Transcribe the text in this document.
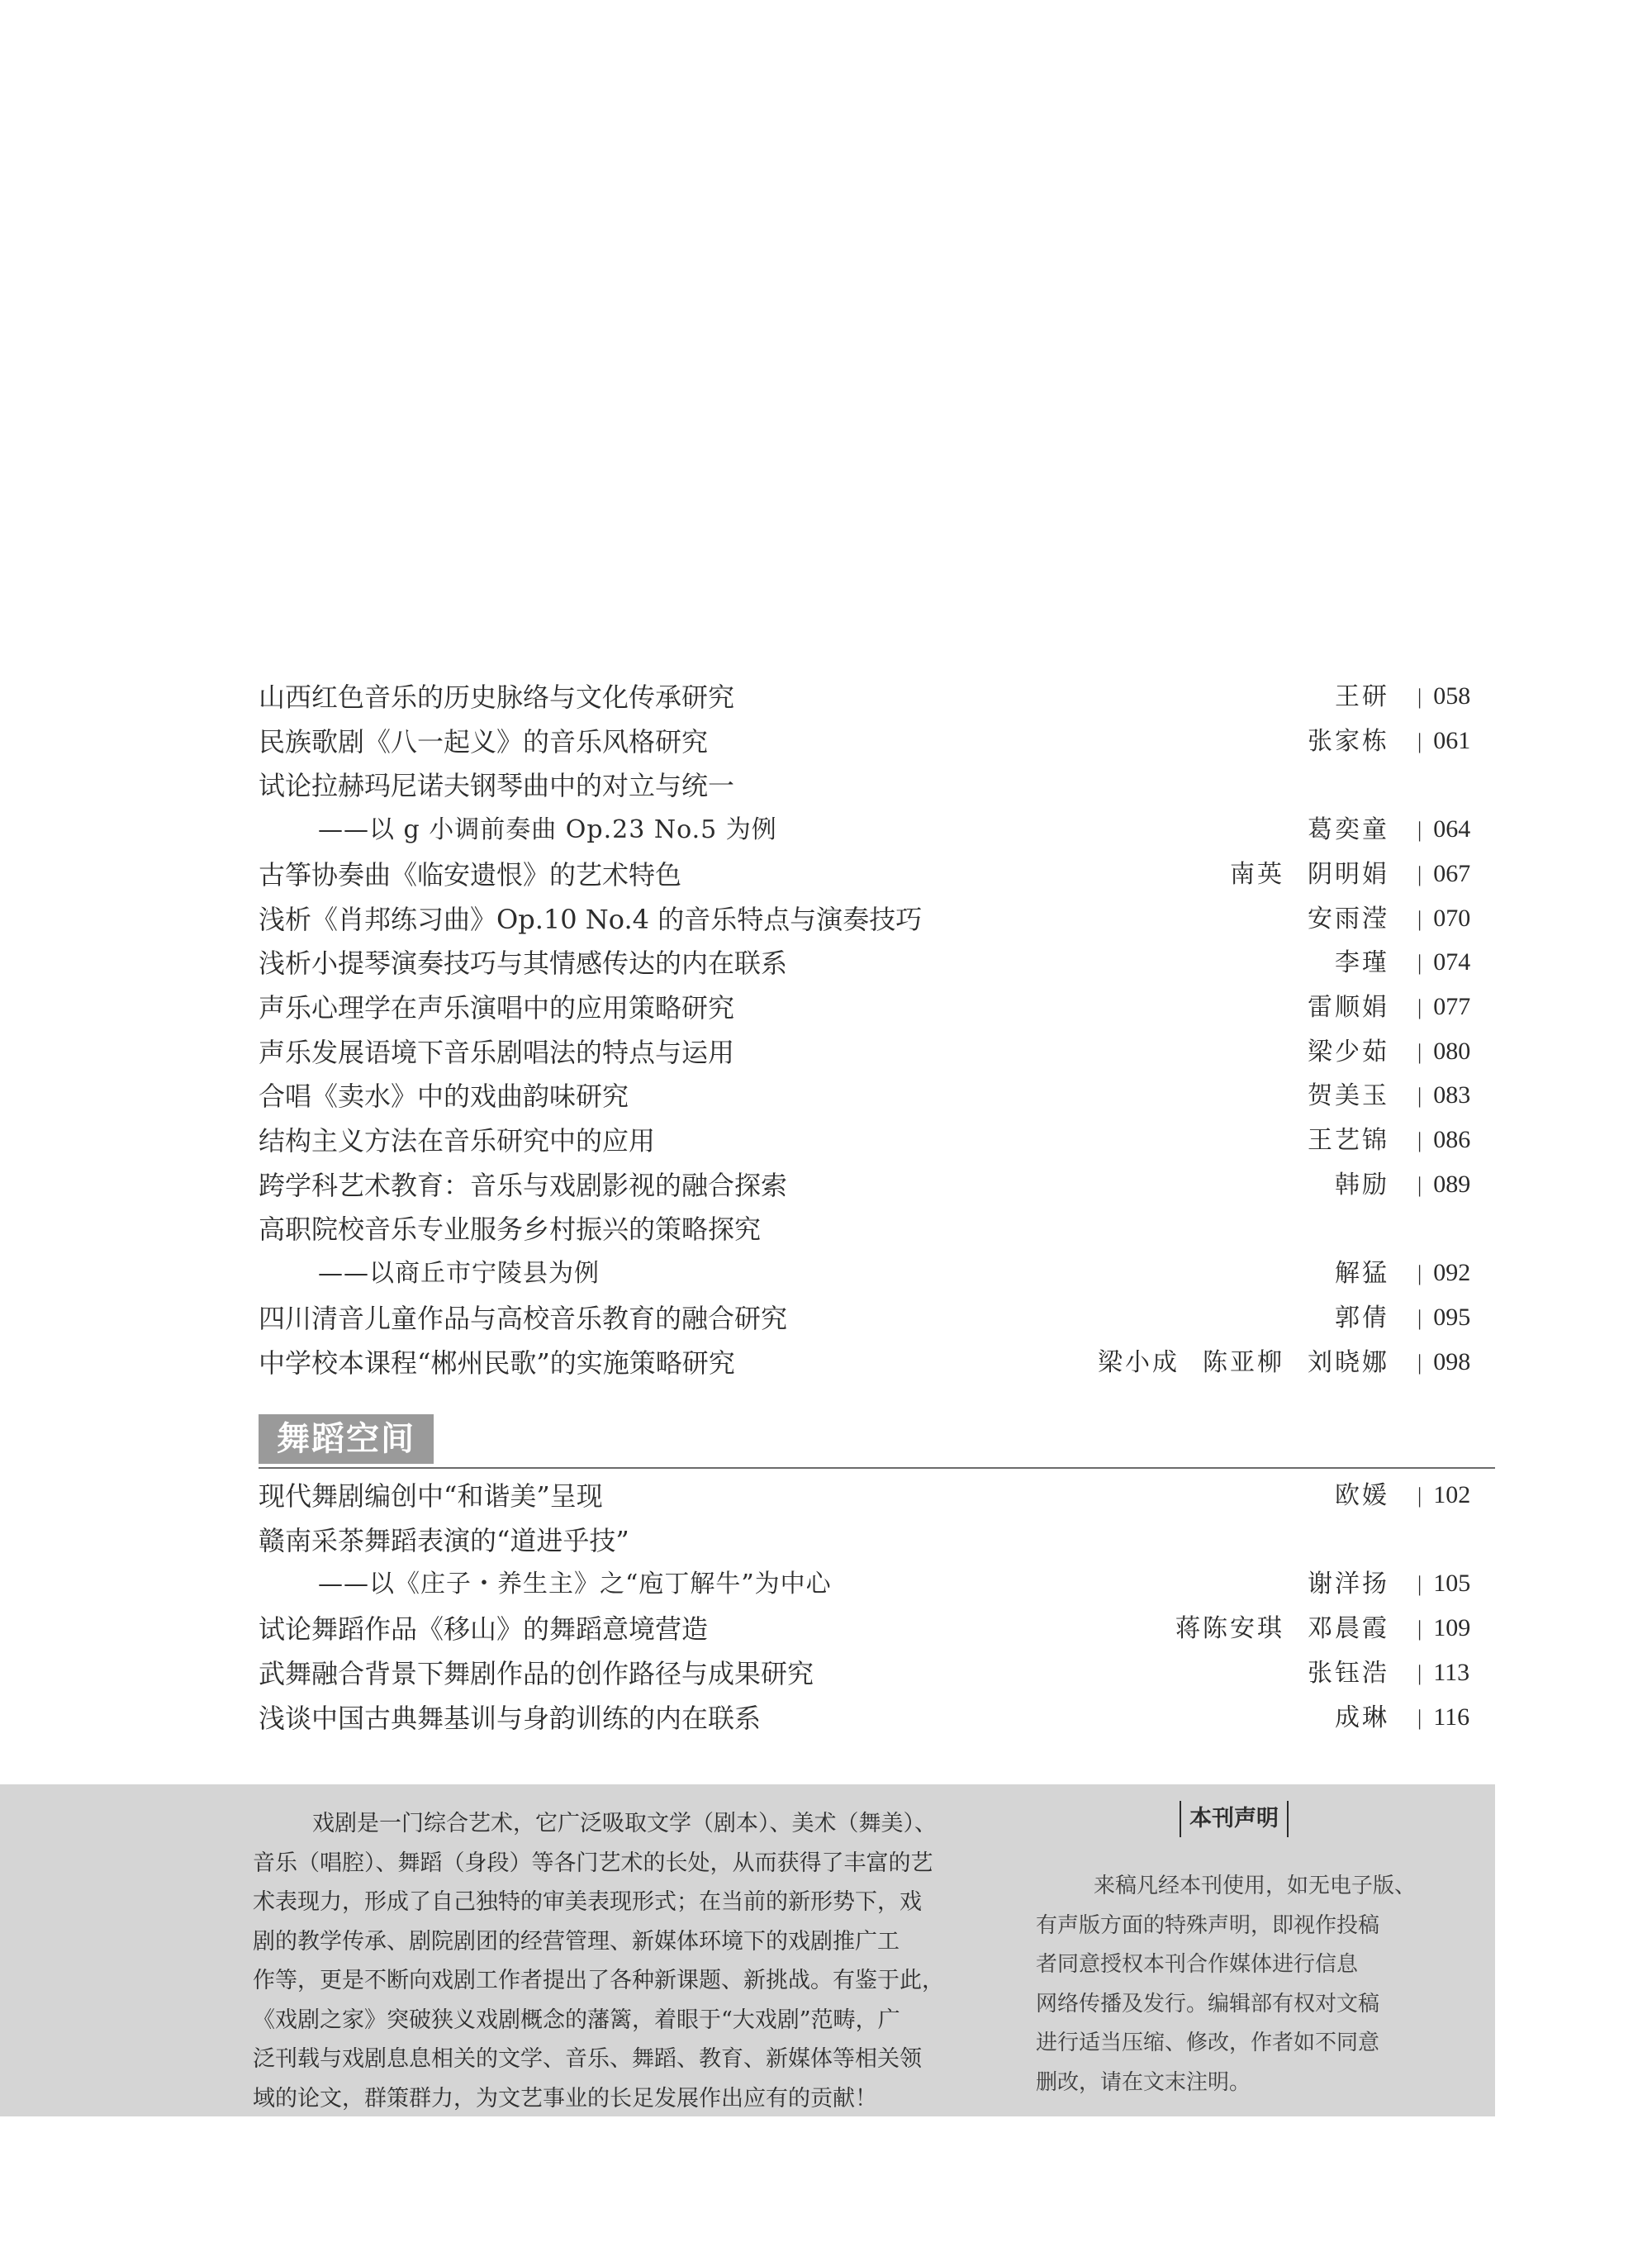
山西红色音乐的历史脉络与文化传承研究	王研	| 058
民族歌剧《八一起义》的音乐风格研究	张家栋	| 061
试论拉赫玛尼诺夫钢琴曲中的对立与统一
——以 g 小调前奏曲 Op.23 No.5 为例	葛奕童	| 064
古筝协奏曲《临安遗恨》的艺术特色	南英 阴明娟	| 067
浅析《肖邦练习曲》Op.10 No.4 的音乐特点与演奏技巧	安雨滢	| 070
浅析小提琴演奏技巧与其情感传达的内在联系	李瑾	| 074
声乐心理学在声乐演唱中的应用策略研究	雷顺娟	| 077
声乐发展语境下音乐剧唱法的特点与运用	梁少茹	| 080
合唱《卖水》中的戏曲韵味研究	贺美玉	| 083
结构主义方法在音乐研究中的应用	王艺锦	| 086
跨学科艺术教育：音乐与戏剧影视的融合探索	韩励	| 089
高职院校音乐专业服务乡村振兴的策略探究
——以商丘市宁陵县为例	解猛	| 092
四川清音儿童作品与高校音乐教育的融合研究	郭倩	| 095
中学校本课程“郴州民歌”的实施策略研究	梁小成 陈亚柳 刘晓娜	| 098
舞蹈空间
现代舞剧编创中“和谐美”呈现	欧媛	| 102
赣南采茶舞蹈表演的“道进乎技”
——以《庄子・养生主》之“庖丁解牛”为中心	谢洋扬	| 105
试论舞蹈作品《移山》的舞蹈意境营造	蒋陈安琪 邓晨霞	| 109
武舞融合背景下舞剧作品的创作路径与成果研究	张钰浩	| 113
浅谈中国古典舞基训与身韵训练的内在联系	成琳	| 116
戏剧是一门综合艺术，它广泛吸取文学（剧本）、美术（舞美）、
音乐（唱腔）、舞蹈（身段）等各门艺术的长处，从而获得了丰富的艺
术表现力，形成了自己独特的审美表现形式；在当前的新形势下，戏
剧的教学传承、剧院剧团的经营管理、新媒体环境下的戏剧推广工
作等，更是不断向戏剧工作者提出了各种新课题、新挑战。有鉴于此，
《戏剧之家》突破狭义戏剧概念的藩篱，着眼于“大戏剧”范畴，广
泛刊载与戏剧息息相关的文学、音乐、舞蹈、教育、新媒体等相关领
域的论文，群策群力，为文艺事业的长足发展作出应有的贡献！
本刊声明
来稿凡经本刊使用，如无电子版、
有声版方面的特殊声明，即视作投稿
者同意授权本刊合作媒体进行信息
网络传播及发行。编辑部有权对文稿
进行适当压缩、修改，作者如不同意
删改，请在文末注明。
